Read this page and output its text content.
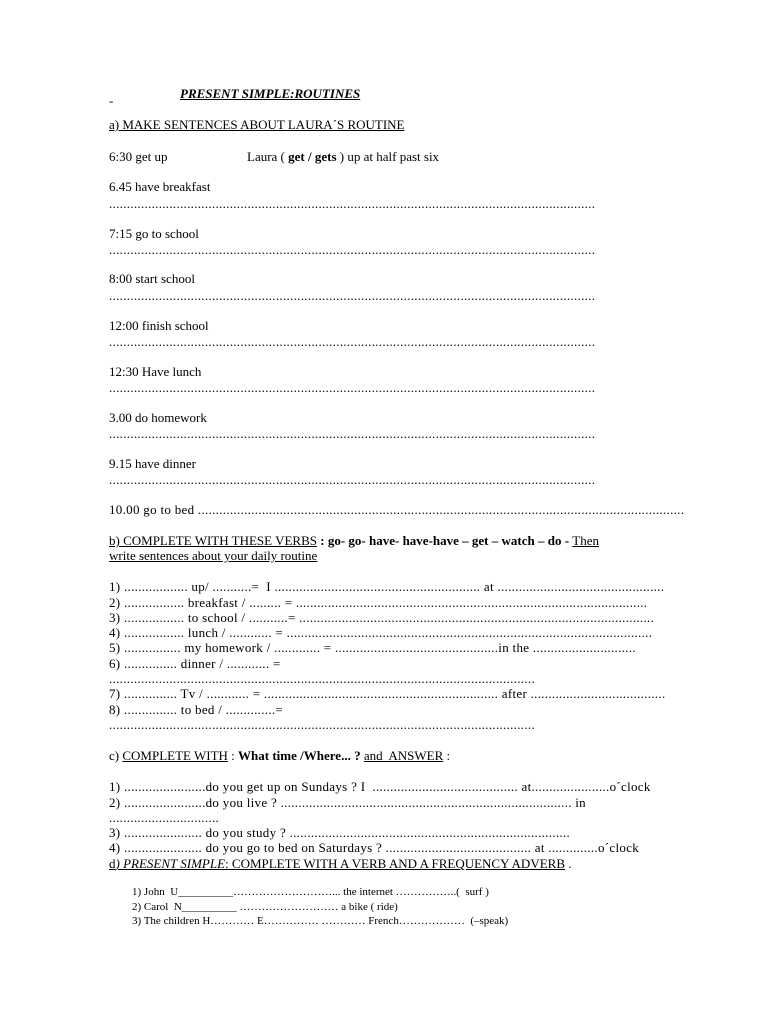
-	PRESENT SIMPLE:ROUTINES
a) MAKE SENTENCES ABOUT LAURA´S ROUTINE
6:30 get up	Laura ( get / gets ) up at half past six
6.45 have breakfast
.........................................................................................................................................
7:15 go to school
.........................................................................................................................................
8:00 start school
.........................................................................................................................................
12:00 finish school
.........................................................................................................................................
12:30 Have lunch
.........................................................................................................................................
3.00 do homework
.........................................................................................................................................
9.15 have dinner
.........................................................................................................................................
10.00 go to bed .........................................................................................................................................
b) COMPLETE WITH THESE VERBS : go- go- have- have-have – get – watch – do - Then
write sentences about your daily routine
1) .................. up/ ...........=  I .......................................................... at ...............................................
2) ................. breakfast / ......... = ...................................................................................................
3) ................. to school / ...........= ....................................................................................................
4) ................. lunch / ............ = .......................................................................................................
5) ................ my homework / ............. = ..............................................in the .............................
6) ............... dinner / ............ =
........................................................................................................................
7) ............... Tv / ............ = .................................................................. after ......................................
8) ............... to bed / ..............=
........................................................................................................................
c) COMPLETE WITH : What time /Where... ? and  ANSWER :
1) .......................do you get up on Sundays ? I  ......................................... at......................o´clock
2) .......................do you live ? .................................................................................. in
...............................
3) ...................... do you study ? ...............................................................................
4) ...................... do you go to bed on Saturdays ? ......................................... at ..............o´clock
d) PRESENT SIMPLE: COMPLETE WITH A VERB AND A FREQUENCY ADVERB .
1) John  U__________………………………... the internet ……………..(  surf )
2) Carol  N__________ ……………………… a bike ( ride)
3) The children H………… E…………… ………… French………………  (–speak)
